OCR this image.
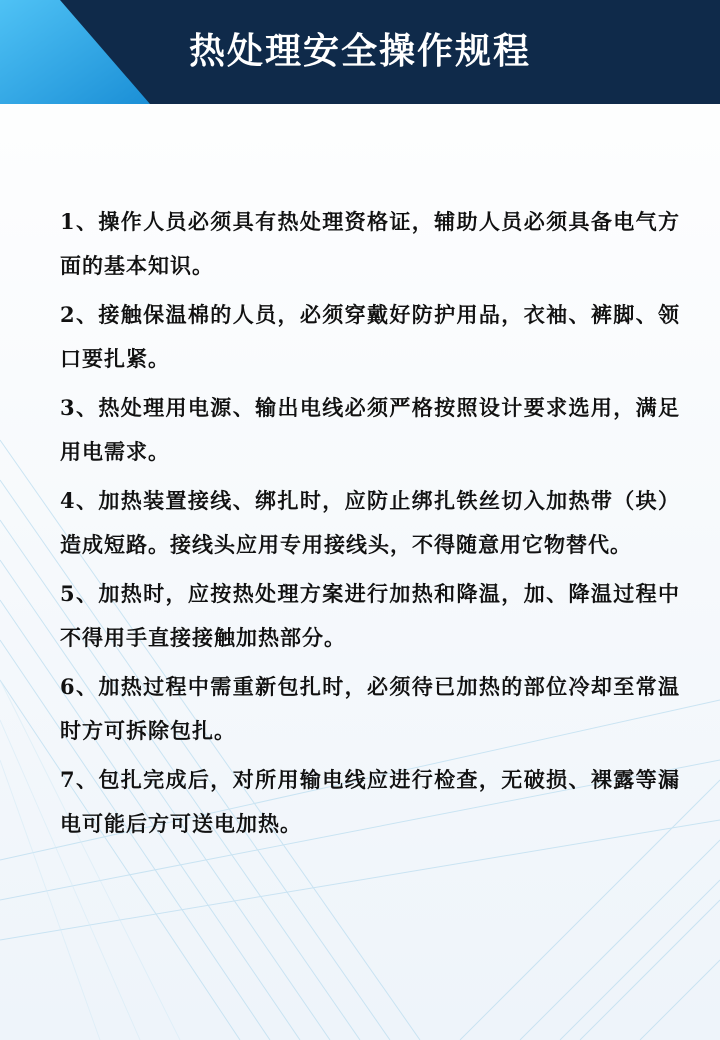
热处理安全操作规程
1、操作人员必须具有热处理资格证，辅助人员必须具备电气方面的基本知识。
2、接触保温棉的人员，必须穿戴好防护用品，衣袖、裤脚、领口要扎紧。
3、热处理用电源、输出电线必须严格按照设计要求选用，满足用电需求。
4、加热装置接线、绑扎时，应防止绑扎铁丝切入加热带（块）造成短路。接线头应用专用接线头，不得随意用它物替代。
5、加热时，应按热处理方案进行加热和降温，加、降温过程中不得用手直接接触加热部分。
6、加热过程中需重新包扎时，必须待已加热的部位冷却至常温时方可拆除包扎。
7、包扎完成后，对所用输电线应进行检查，无破损、裸露等漏电可能后方可送电加热。
